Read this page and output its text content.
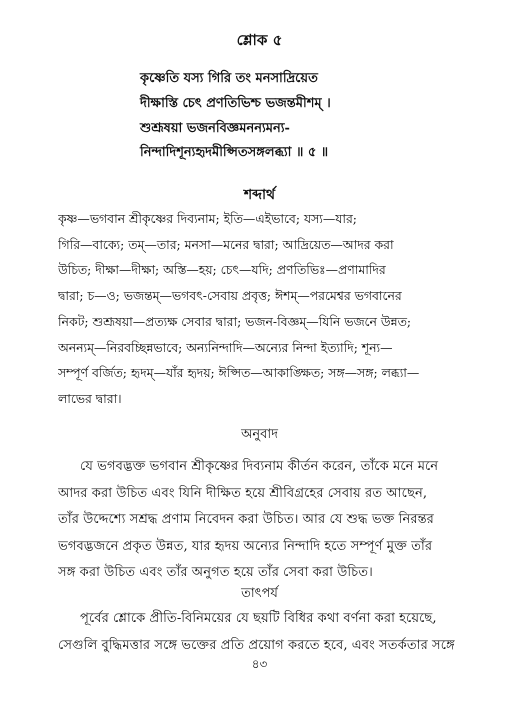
শ্লোক ৫
কৃষ্ণেতি যস্য গিরি তং মনসাদ্রিয়েত
দীক্ষাস্তি চেৎ প্রণতিভিশ্চ ভজন্তমীশম্ ।
শুশ্রূষয়া ভজনবিজ্ঞমনন্যমন্য-
নিন্দাদিশূন্যহৃদমীপ্সিতসঙ্গলব্ধ্যা ॥ ৫ ॥
শব্দার্থ
কৃষ্ণ—ভগবান শ্রীকৃষ্ণের দিব্যনাম; ইতি—এইভাবে; যস্য—যার;
গিরি—বাক্যে; তম্—তার; মনসা—মনের দ্বারা; আদ্রিয়েত—আদর করা
উচিত; দীক্ষা—দীক্ষা; অস্তি—হয়; চেৎ—যদি; প্রণতিভিঃ—প্রণামাদির
দ্বারা; চ—ও; ভজন্তম্—ভগবৎ-সেবায় প্রবৃত্ত; ঈশম্—পরমেশ্বর ভগবানের
নিকট; শুশ্রূষয়া—প্রত্যক্ষ সেবার দ্বারা; ভজন-বিজ্ঞম্—যিনি ভজনে উন্নত;
অনন্যম্—নিরবচ্ছিন্নভাবে; অন্যনিন্দাদি—অন্যের নিন্দা ইত্যাদি; শূন্য—
সম্পূর্ণ বর্জিত; হৃদম্—যাঁর হৃদয়; ঈপ্সিত—আকাঙ্ক্ষিত; সঙ্গ—সঙ্গ; লব্ধ্যা—
লাভের দ্বারা।
অনুবাদ
যে ভগবদ্ভক্ত ভগবান শ্রীকৃষ্ণের দিব্যনাম কীর্তন করেন, তাঁকে মনে মনে
আদর করা উচিত এবং যিনি দীক্ষিত হয়ে শ্রীবিগ্রহের সেবায় রত আছেন,
তাঁর উদ্দেশ্যে সশ্রদ্ধ প্রণাম নিবেদন করা উচিত। আর যে শুদ্ধ ভক্ত নিরন্তর
ভগবদ্ভজনে প্রকৃত উন্নত, যার হৃদয় অন্যের নিন্দাদি হতে সম্পূর্ণ মুক্ত তাঁর
সঙ্গ করা উচিত এবং তাঁর অনুগত হয়ে তাঁর সেবা করা উচিত।
তাৎপর্য
পূর্বের শ্লোকে প্রীতি-বিনিময়ের যে ছয়টি বিধির কথা বর্ণনা করা হয়েছে,
সেগুলি বুদ্ধিমত্তার সঙ্গে ভক্তের প্রতি প্রয়োগ করতে হবে, এবং সতর্কতার সঙ্গে
৪৩
